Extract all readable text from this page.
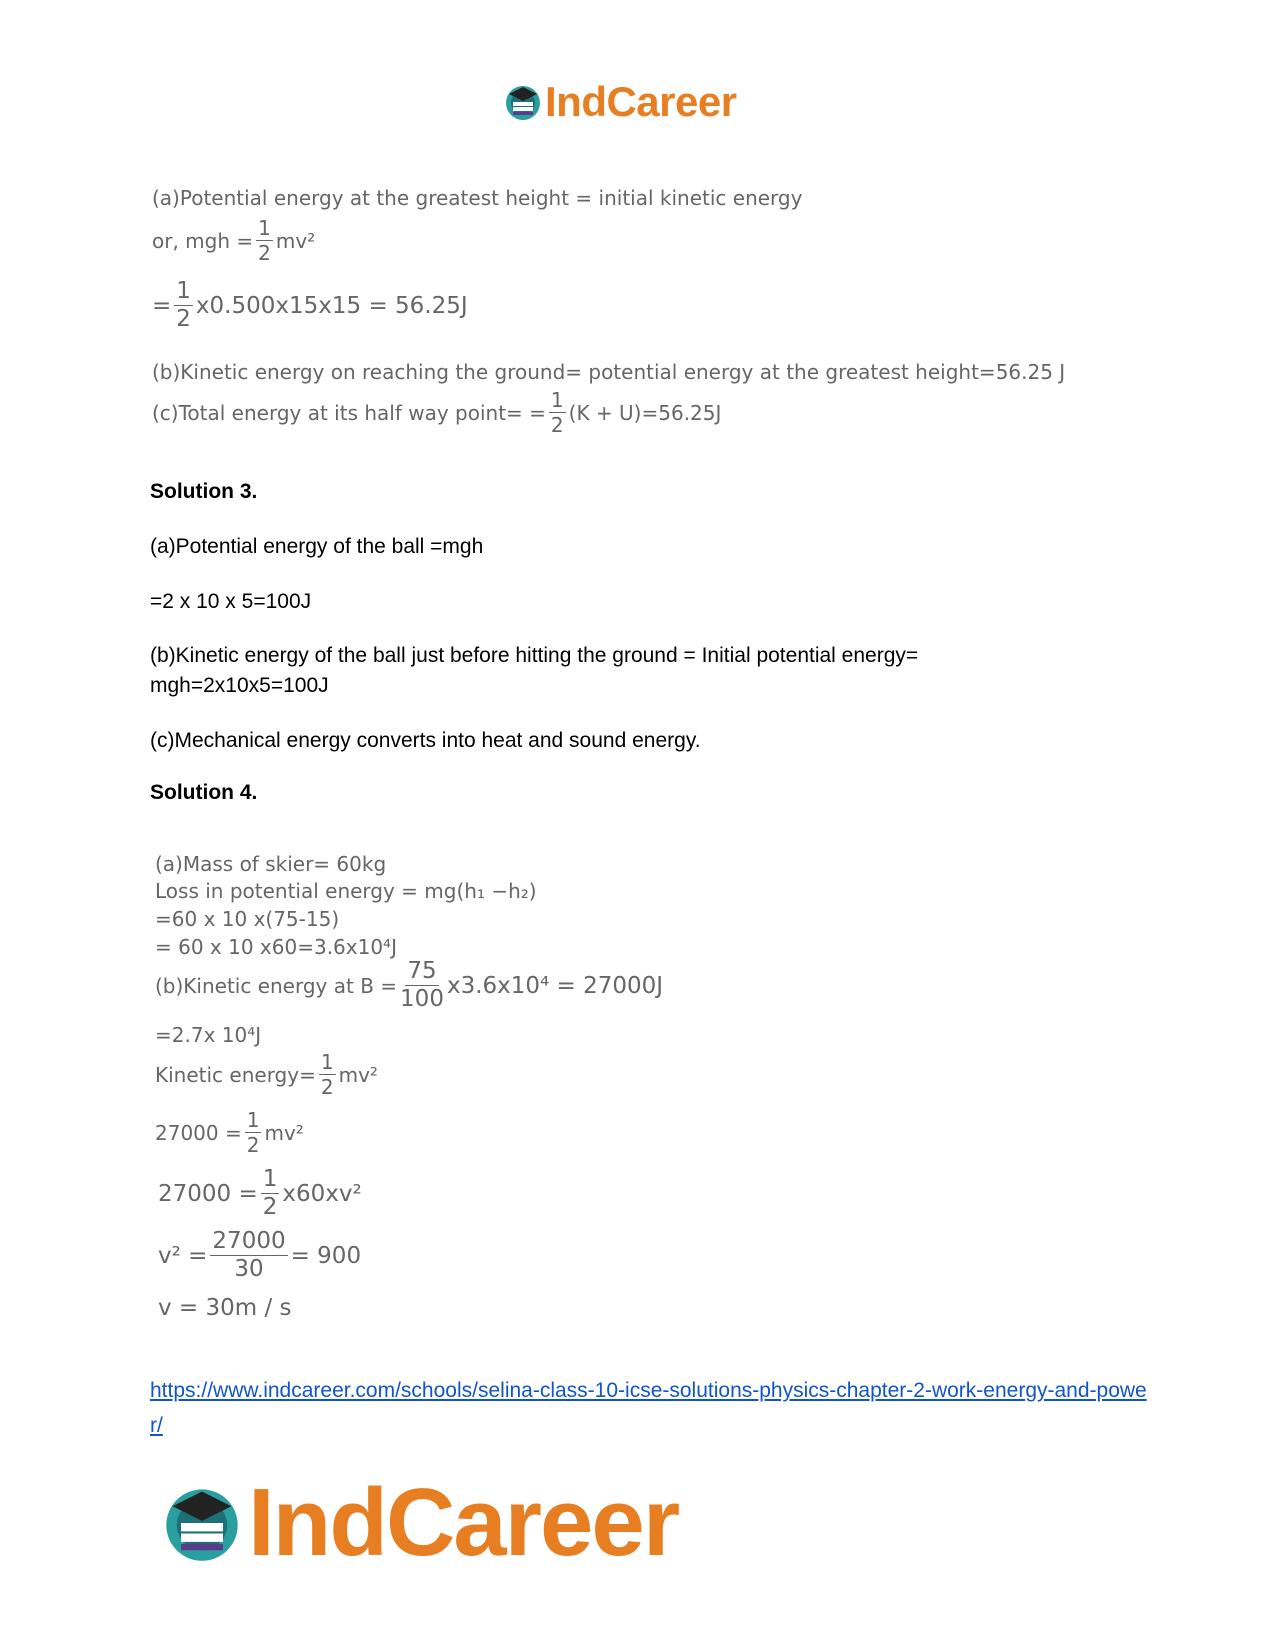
IndCareer
(a)Potential energy at the greatest height = initial kinetic energy
or, mgh = $\frac{1}{2} mv^2$
= $\frac{1}{2} x0.500x15x15 = 56.25J$
(b)Kinetic energy on reaching the ground= potential energy at the greatest height=56.25 J
(c)Total energy at its half way point= = $\frac{1}{2} (K + U)=56.25J$
Solution 3.
(a)Potential energy of the ball =mgh
=2 x 10 x 5=100J
(b)Kinetic energy of the ball just before hitting the ground = Initial potential energy= mgh=2x10x5=100J
(c)Mechanical energy converts into heat and sound energy.
Solution 4.
(a)Mass of skier= 60kg
Loss in potential energy = mg(h₁ −h₂)
=60 x 10 x(75-15)
= 60 x 10 x60=3.6x10⁴J
(b)Kinetic energy at $B = \frac{75}{100} x3.6x10^4 = 27000J$
=2.7x 10⁴J
Kinetic energy= $\frac{1}{2} mv^2$
$27000 = \frac{1}{2} mv^2$
$27000 = \frac{1}{2} x60xv^2$
$v^2 = \frac{27000}{30} = 900$
v = 30m / s
https://www.indcareer.com/schools/selina-class-10-icse-solutions-physics-chapter-2-work-energy-and-power/
IndCareer
